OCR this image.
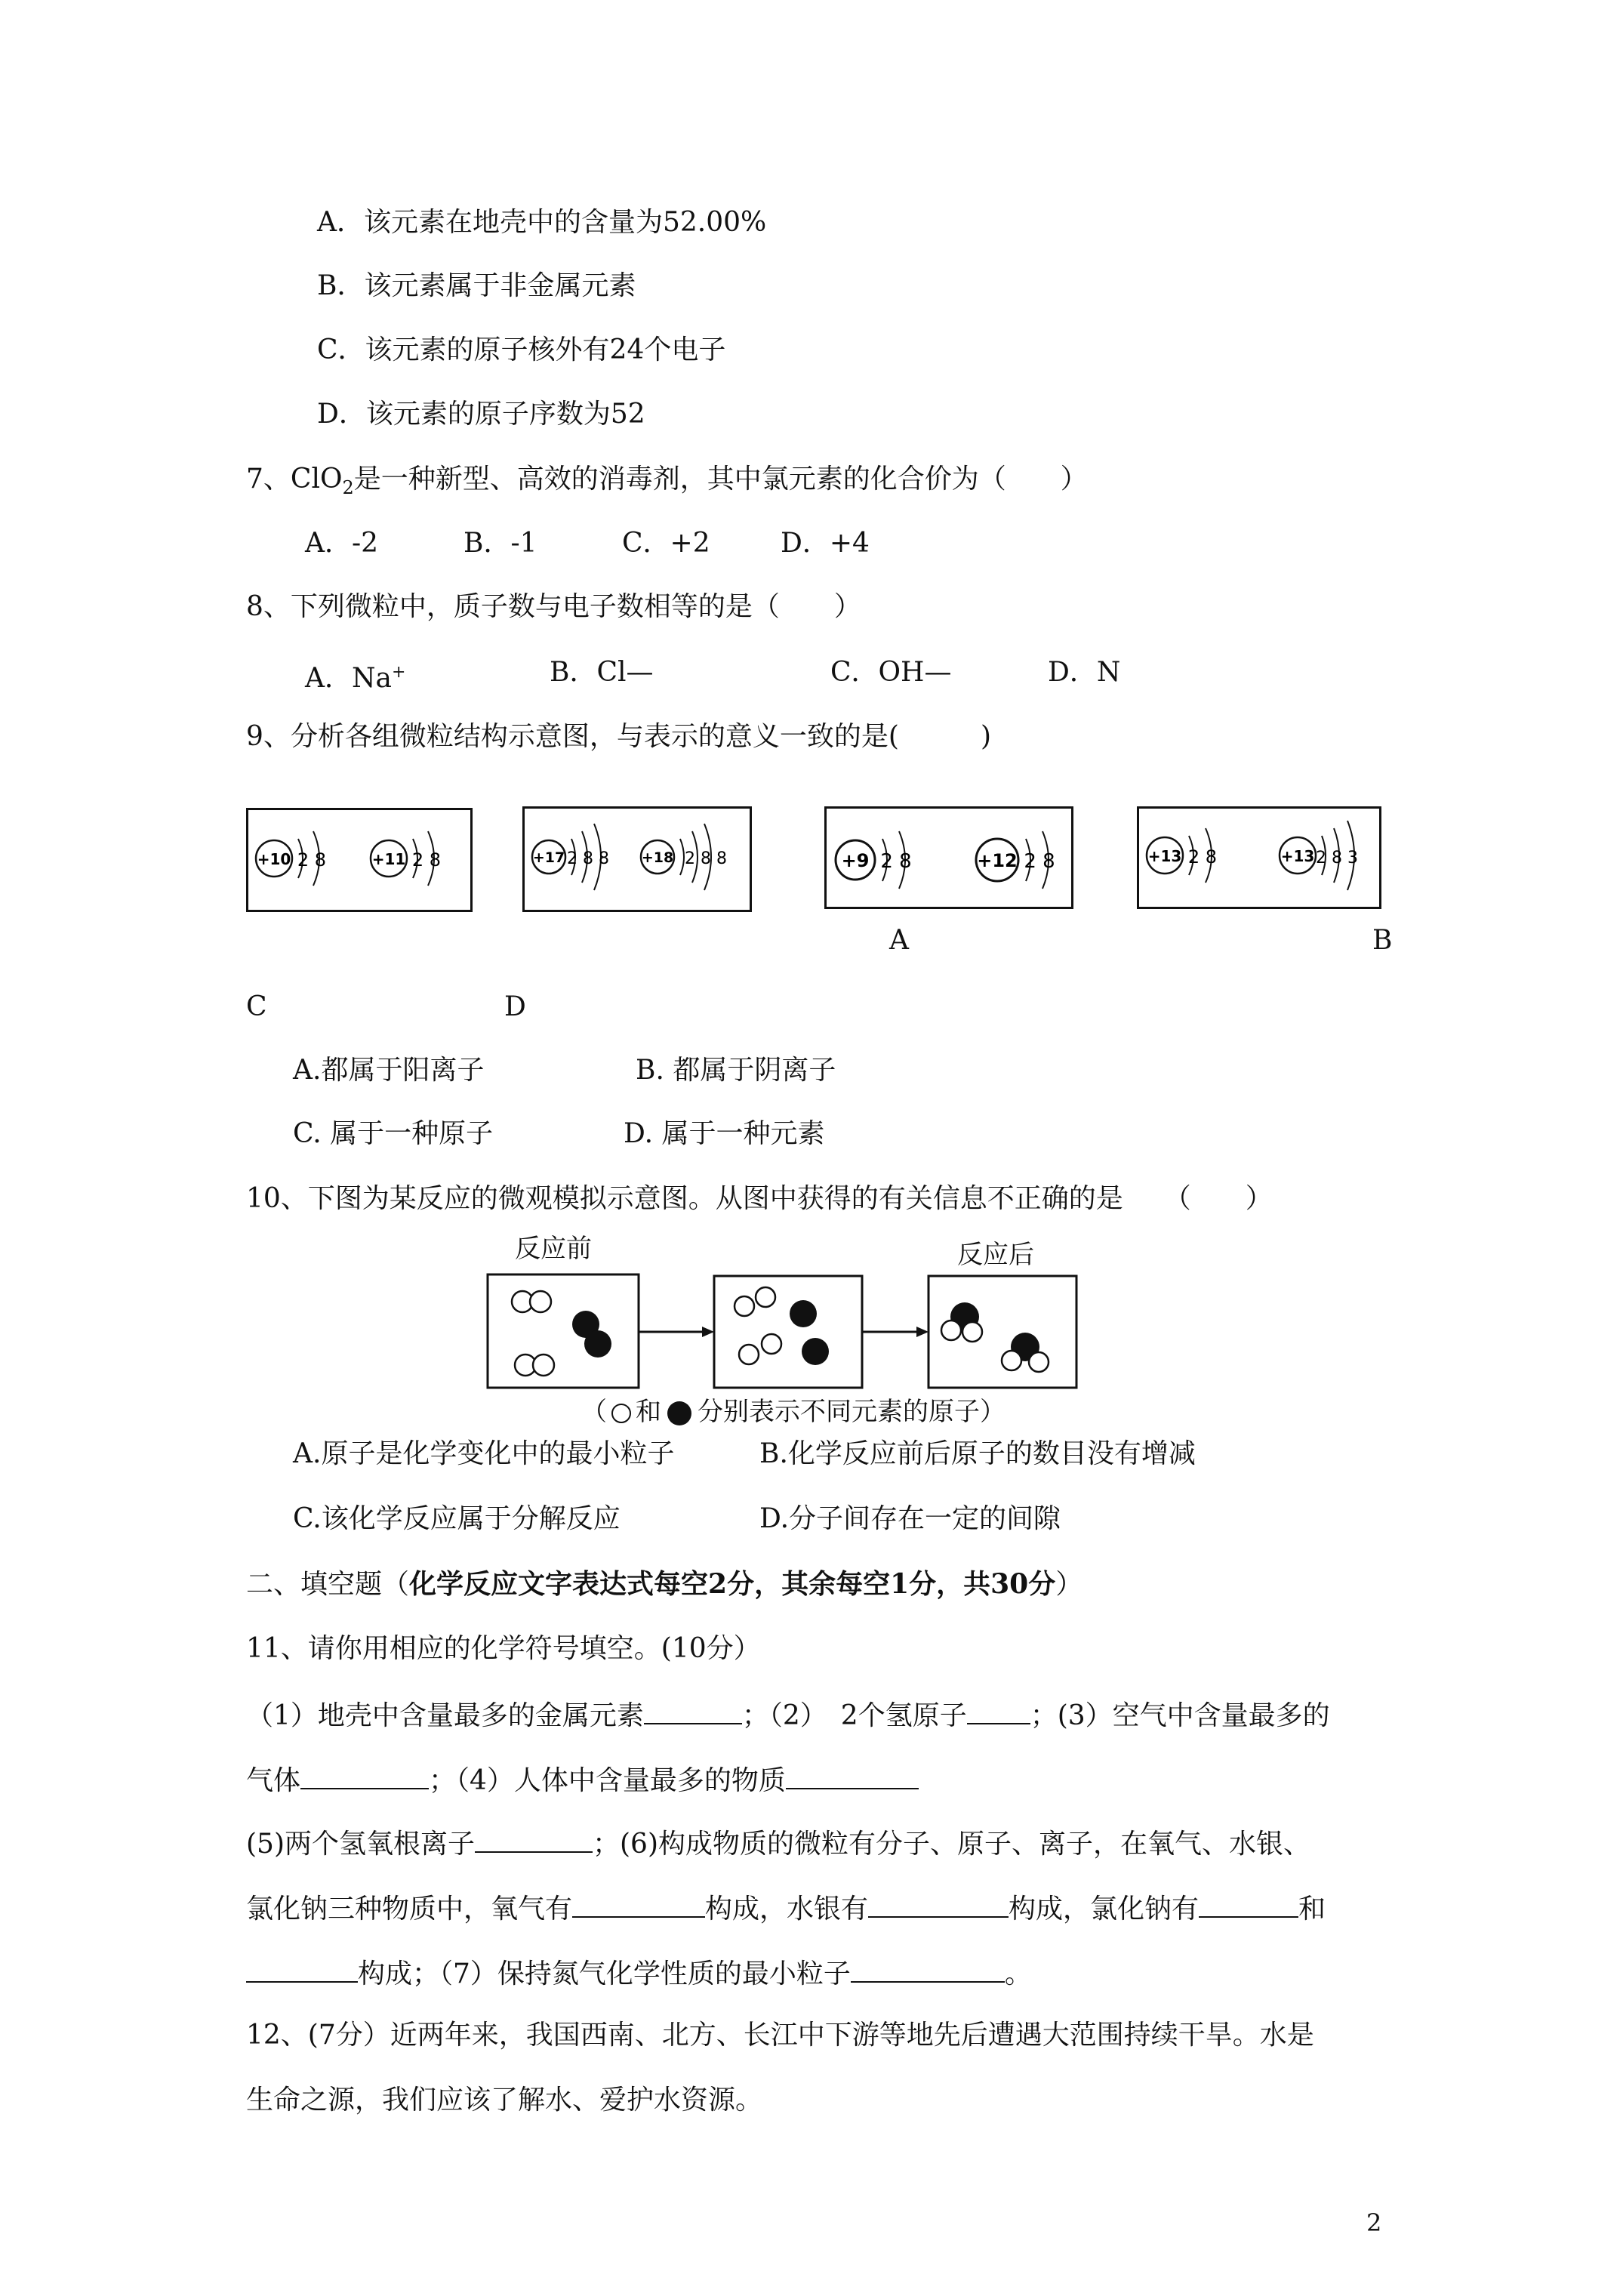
A．该元素在地壳中的含量为52.00%
B．该元素属于非金属元素
C．该元素的原子核外有24个电子
D．该元素的原子序数为52
7、ClO$_2$是一种新型、高效的消毒剂，其中氯元素的化合价为（　　）
A．-2	B．-1	C．+2	D．+4
8、下列微粒中，质子数与电子数相等的是（　　）
A．Na+	B．Cl—	C．OH—	D．N
9、分析各组微粒结构示意图，与表示的意义一致的是(　　　)
+10 2 8	+11 2 8	+17 2 8 8 +18 2 8 8	+9 2 8	+12 2 8	+13 2 8	+13 2 8 3
A	B
C	D
A.都属于阳离子	B. 都属于阴离子
C. 属于一种原子	D. 属于一种元素
10、下图为某反应的微观模拟示意图。从图中获得的有关信息不正确的是　　（　　）
反应前	反应后
（ 和 分别表示不同元素的原子）
A.原子是化学变化中的最小粒子	B.化学反应前后原子的数目没有增减
C.该化学反应属于分解反应	D.分子间存在一定的间隙
二、填空题（化学反应文字表达式每空2分，其余每空1分，共30分）
11、请你用相应的化学符号填空。(10分）
（1）地壳中含量最多的金属元素	；（2）　2个氢原子 ；(3）空气中含量最多的
气体	；（4）人体中含量最多的物质
(5)两个氢氧根离子	；(6)构成物质的微粒有分子、原子、离子，在氧气、水银、
氯化钠三种物质中，氧气有	构成，水银有	构成，氯化钠有	和
构成；（7）保持氮气化学性质的最小粒子	。
12、(7分）近两年来，我国西南、北方、长江中下游等地先后遭遇大范围持续干旱。水是
生命之源，我们应该了解水、爱护水资源。
2
